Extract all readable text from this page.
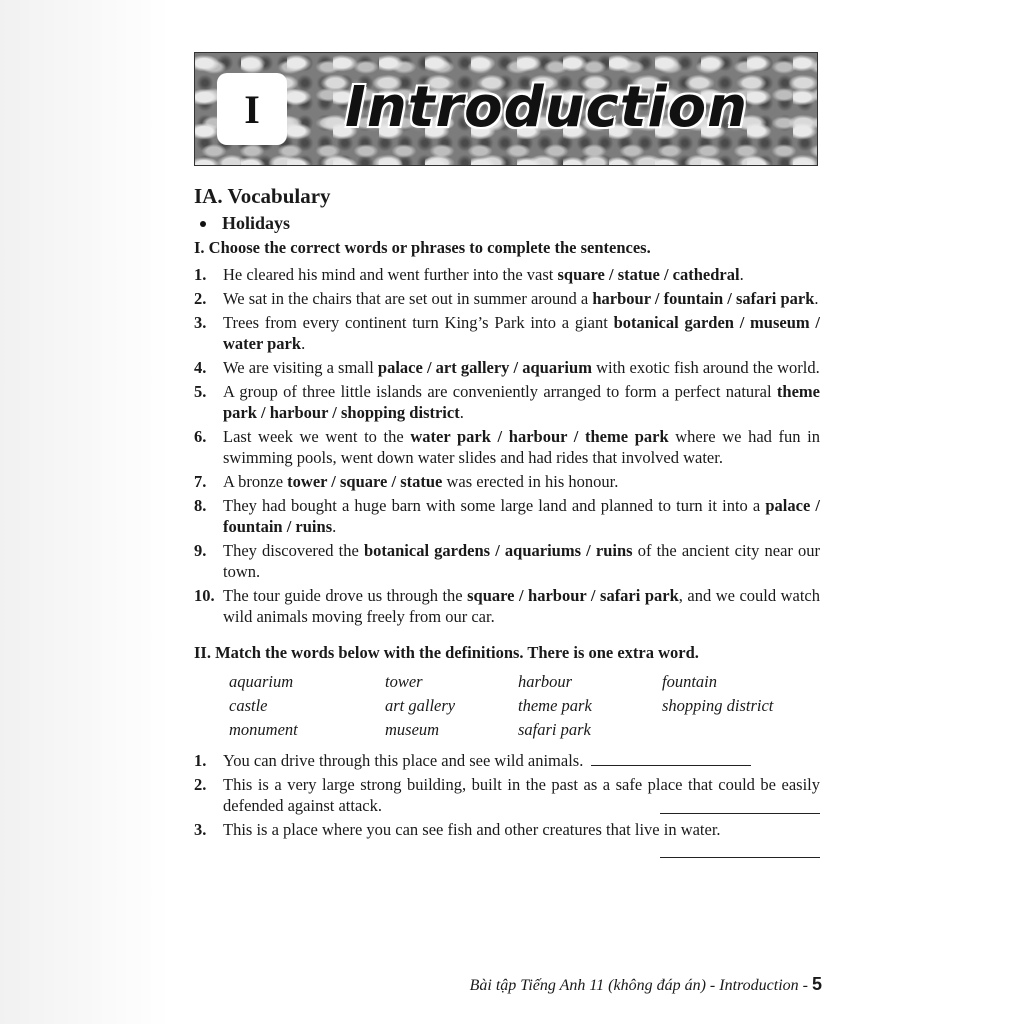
I	Introduction
IA. Vocabulary
Holidays
I. Choose the correct words or phrases to complete the sentences.
1.	He cleared his mind and went further into the vast square / statue / cathedral.
2.	We sat in the chairs that are set out in summer around a harbour / fountain / safari park.
3.	Trees from every continent turn King’s Park into a giant botanical garden / museum / water park.
4.	We are visiting a small palace / art gallery / aquarium with exotic fish around the world.
5.	A group of three little islands are conveniently arranged to form a perfect natural theme park / harbour / shopping district.
6.	Last week we went to the water park / harbour / theme park where we had fun in swimming pools, went down water slides and had rides that involved water.
7.	A bronze tower / square / statue was erected in his honour.
8.	They had bought a huge barn with some large land and planned to turn it into a palace / fountain / ruins.
9.	They discovered the botanical gardens / aquariums / ruins of the ancient city near our town.
10. The tour guide drove us through the square / harbour / safari park, and we could watch wild animals moving freely from our car.
II. Match the words below with the definitions. There is one extra word.
aquarium	tower	harbour	fountain
castle	art gallery	theme park	shopping district
monument	museum	safari park
1.	You can drive through this place and see wild animals.
2.	This is a very large strong building, built in the past as a safe place that could be easily defended against attack.
3.	This is a place where you can see fish and other creatures that live in water.
Bài tập Tiếng Anh 11 (không đáp án) - Introduction - 5
